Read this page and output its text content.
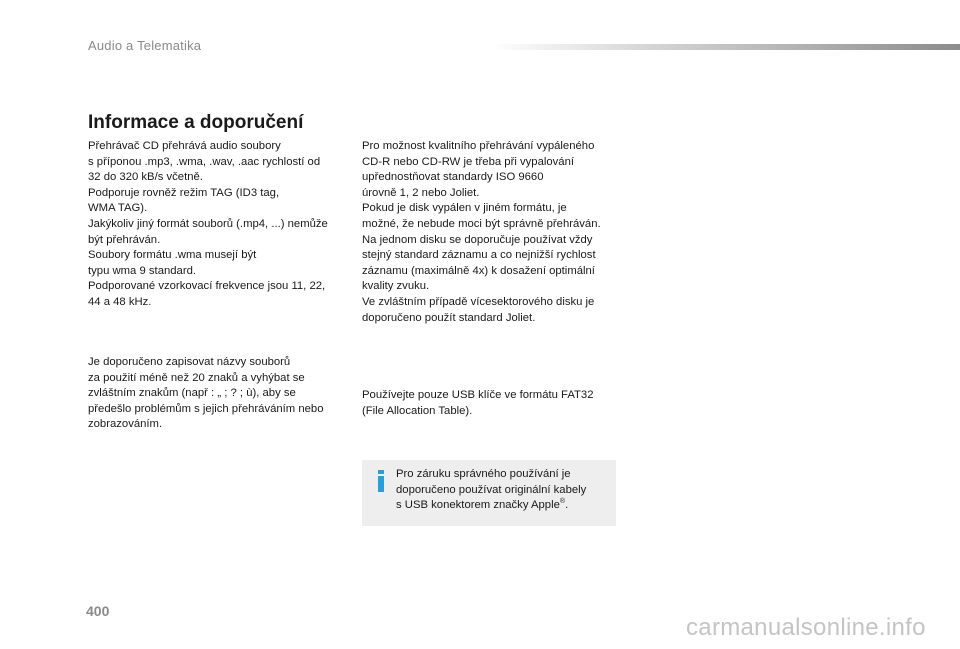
Audio a Telematika
Informace a doporučení

Přehrávač CD přehrává audio soubory
s příponou .mp3, .wma, .wav, .aac rychlostí od
32 do 320 kB/s včetně.
Podporuje rovněž režim TAG (ID3 tag,
WMA TAG).
Jakýkoliv jiný formát souborů (.mp4, ...) nemůže
být přehráván.
Soubory formátu .wma musejí být
typu wma 9 standard.
Podporované vzorkovací frekvence jsou 11, 22,
44 a 48 kHz.

Je doporučeno zapisovat názvy souborů
za použití méně než 20 znaků a vyhýbat se
zvláštním znakům (např : „ ; ? ; ù), aby se
předešlo problémům s jejich přehráváním nebo
zobrazováním.

Pro možnost kvalitního přehrávání vypáleného
CD-R nebo CD-RW je třeba při vypalování
upřednostňovat standardy ISO 9660
úrovně 1, 2 nebo Joliet.
Pokud je disk vypálen v jiném formátu, je
možné, že nebude moci být správně přehráván.
Na jednom disku se doporučuje používat vždy
stejný standard záznamu a co nejnižší rychlost
záznamu (maximálně 4x) k dosažení optimální
kvality zvuku.
Ve zvláštním případě vícesektorového disku je
doporučeno použít standard Joliet.

Používejte pouze USB klíče ve formátu FAT32
(File Allocation Table).

Pro záruku správného používání je
doporučeno používat originální kabely
s USB konektorem značky Apple®.

400
carmanualsonline.info
